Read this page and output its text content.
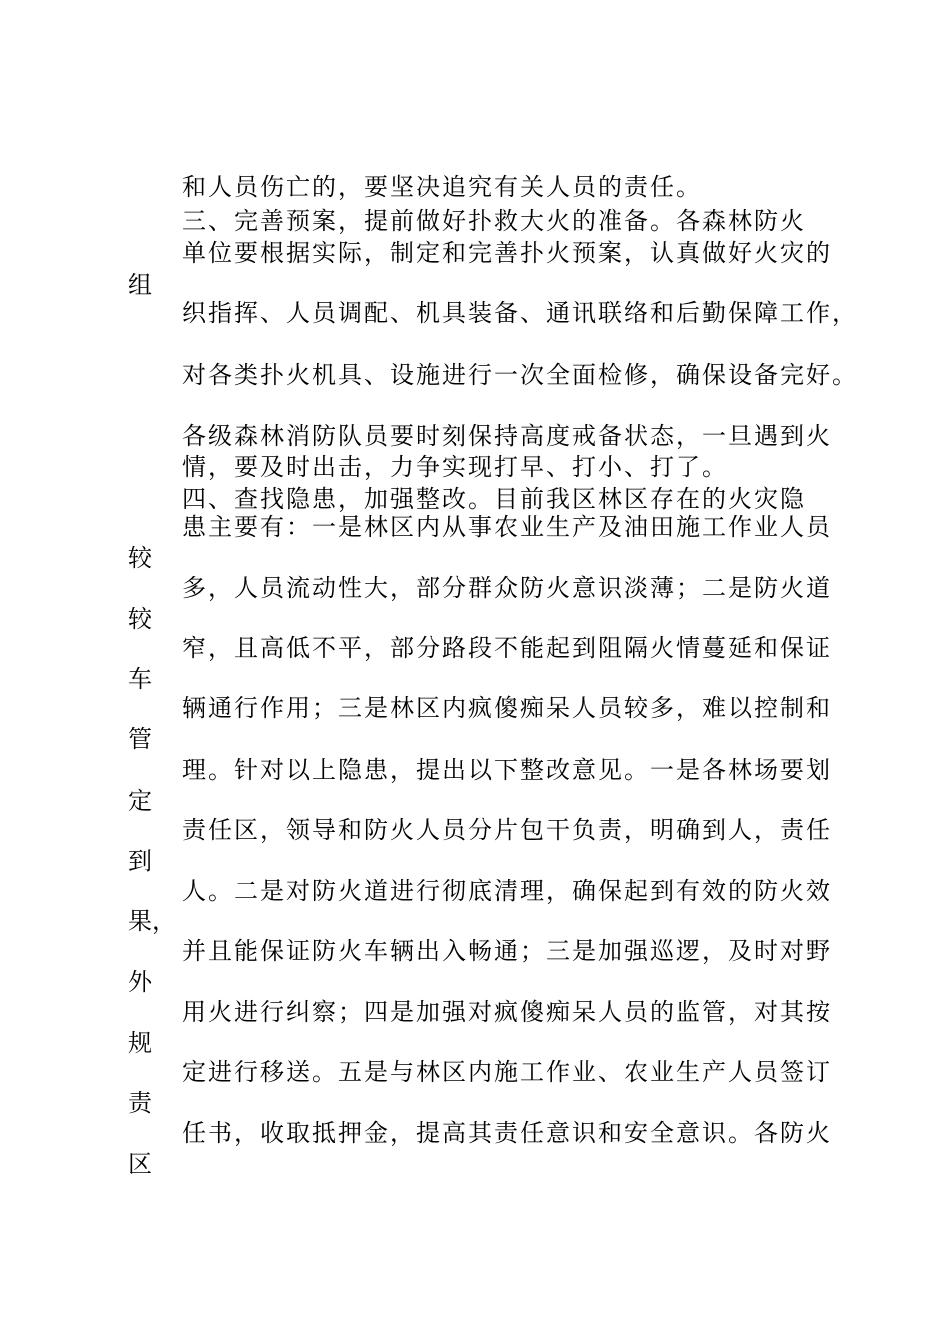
和人员伤亡的，要坚决追究有关人员的责任。
三、完善预案，提前做好扑救大火的准备。各森林防火
单位要根据实际，制定和完善扑火预案，认真做好火灾的
织指挥、人员调配、机具装备、通讯联络和后勤保障工作，
对各类扑火机具、设施进行一次全面检修，确保设备完好。
各级森林消防队员要时刻保持高度戒备状态，一旦遇到火
情，要及时出击，力争实现打早、打小、打了。
四、查找隐患，加强整改。目前我区林区存在的火灾隐
患主要有：一是林区内从事农业生产及油田施工作业人员
多，人员流动性大，部分群众防火意识淡薄；二是防火道
窄，且高低不平，部分路段不能起到阻隔火情蔓延和保证
辆通行作用；三是林区内疯傻痴呆人员较多，难以控制和
理。针对以上隐患，提出以下整改意见。一是各林场要划
责任区，领导和防火人员分片包干负责，明确到人，责任
人。二是对防火道进行彻底清理，确保起到有效的防火效
并且能保证防火车辆出入畅通；三是加强巡逻，及时对野
用火进行纠察；四是加强对疯傻痴呆人员的监管，对其按
定进行移送。五是与林区内施工作业、农业生产人员签订
任书，收取抵押金，提高其责任意识和安全意识。各防火
组
较
较
车
管
定
到
果，
外
规
责
区
